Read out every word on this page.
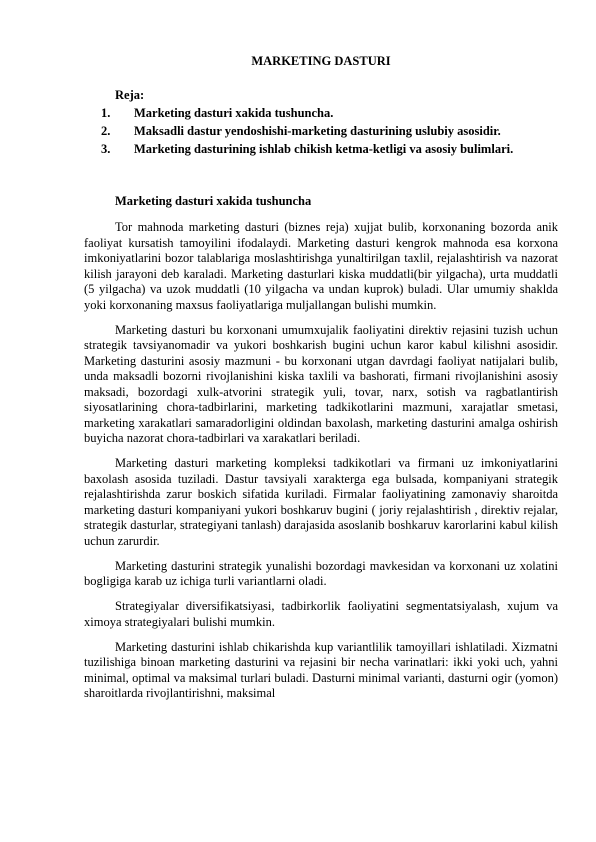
MARKETING DASTURI
Reja:
1. Marketing dasturi xakida tushuncha.
2. Maksadli dastur yendoshishi-marketing dasturining uslubiy asosidir.
3. Marketing dasturining ishlab chikish ketma-ketligi va asosiy bulimlari.
Marketing dasturi xakida tushuncha

Tor mahnoda marketing dasturi (biznes reja) xujjat bulib, korxonaning bozorda anik faoliyat kursatish tamoyilini ifodalaydi. Marketing dasturi kengrok mahnoda esa korxona imkoniyatlarini bozor talablariga moslashtirishga yunaltirilgan taxlil, rejalashtirish va nazorat kilish jarayoni deb karaladi. Marketing dasturlari kiska muddatli(bir yilgacha), urta muddatli (5 yilgacha) va uzok muddatli (10 yilgacha va undan kuprok) buladi. Ular umumiy shaklda yoki korxonaning maxsus faoliyatlariga muljallangan bulishi mumkin.

Marketing dasturi bu korxonani umumxujalik faoliyatini direktiv rejasini tuzish uchun strategik tavsiyanomadir va yukori boshkarish bugini uchun karor kabul kilishni asosidir. Marketing dasturini asosiy mazmuni - bu korxonani utgan davrdagi faoliyat natijalari bulib, unda maksadli bozorni rivojlanishini kiska taxlili va bashorati, firmani rivojlanishini asosiy maksadi, bozordagi xulk-atvorini strategik yuli, tovar, narx, sotish va ragbatlantirish siyosatlarining chora-tadbirlarini, marketing tadkikotlarini mazmuni, xarajatlar smetasi, marketing xarakatlari samaradorligini oldindan baxolash, marketing dasturini amalga oshirish buyicha nazorat chora-tadbirlari va xarakatlari beriladi.

Marketing dasturi marketing kompleksi tadkikotlari va firmani uz imkoniyatlarini baxolash asosida tuziladi. Dastur tavsiyali xarakterga ega bulsada, kompaniyani strategik rejalashtirishda zarur boskich sifatida kuriladi. Firmalar faoliyatining zamonaviy sharoitda marketing dasturi kompaniyani yukori boshkaruv bugini ( joriy rejalashtirish , direktiv rejalar, strategik dasturlar, strategiyani tanlash) darajasida asoslanib boshkaruv karorlarini kabul kilish uchun zarurdir.

Marketing dasturini strategik yunalishi bozordagi mavkesidan va korxonani uz xolatini bogligiga karab uz ichiga turli variantlarni oladi.

Strategiyalar diversifikatsiyasi, tadbirkorlik faoliyatini segmentatsiyalash, xujum va ximoya strategiyalari bulishi mumkin.

Marketing dasturini ishlab chikarishda kup variantlilik tamoyillari ishlatiladi. Xizmatni tuzilishiga binoan marketing dasturini va rejasini bir necha varinatlari: ikki yoki uch, yahni minimal, optimal va maksimal turlari buladi. Dasturni minimal varianti, dasturni ogir (yomon) sharoitlarda rivojlantirishni, maksimal
